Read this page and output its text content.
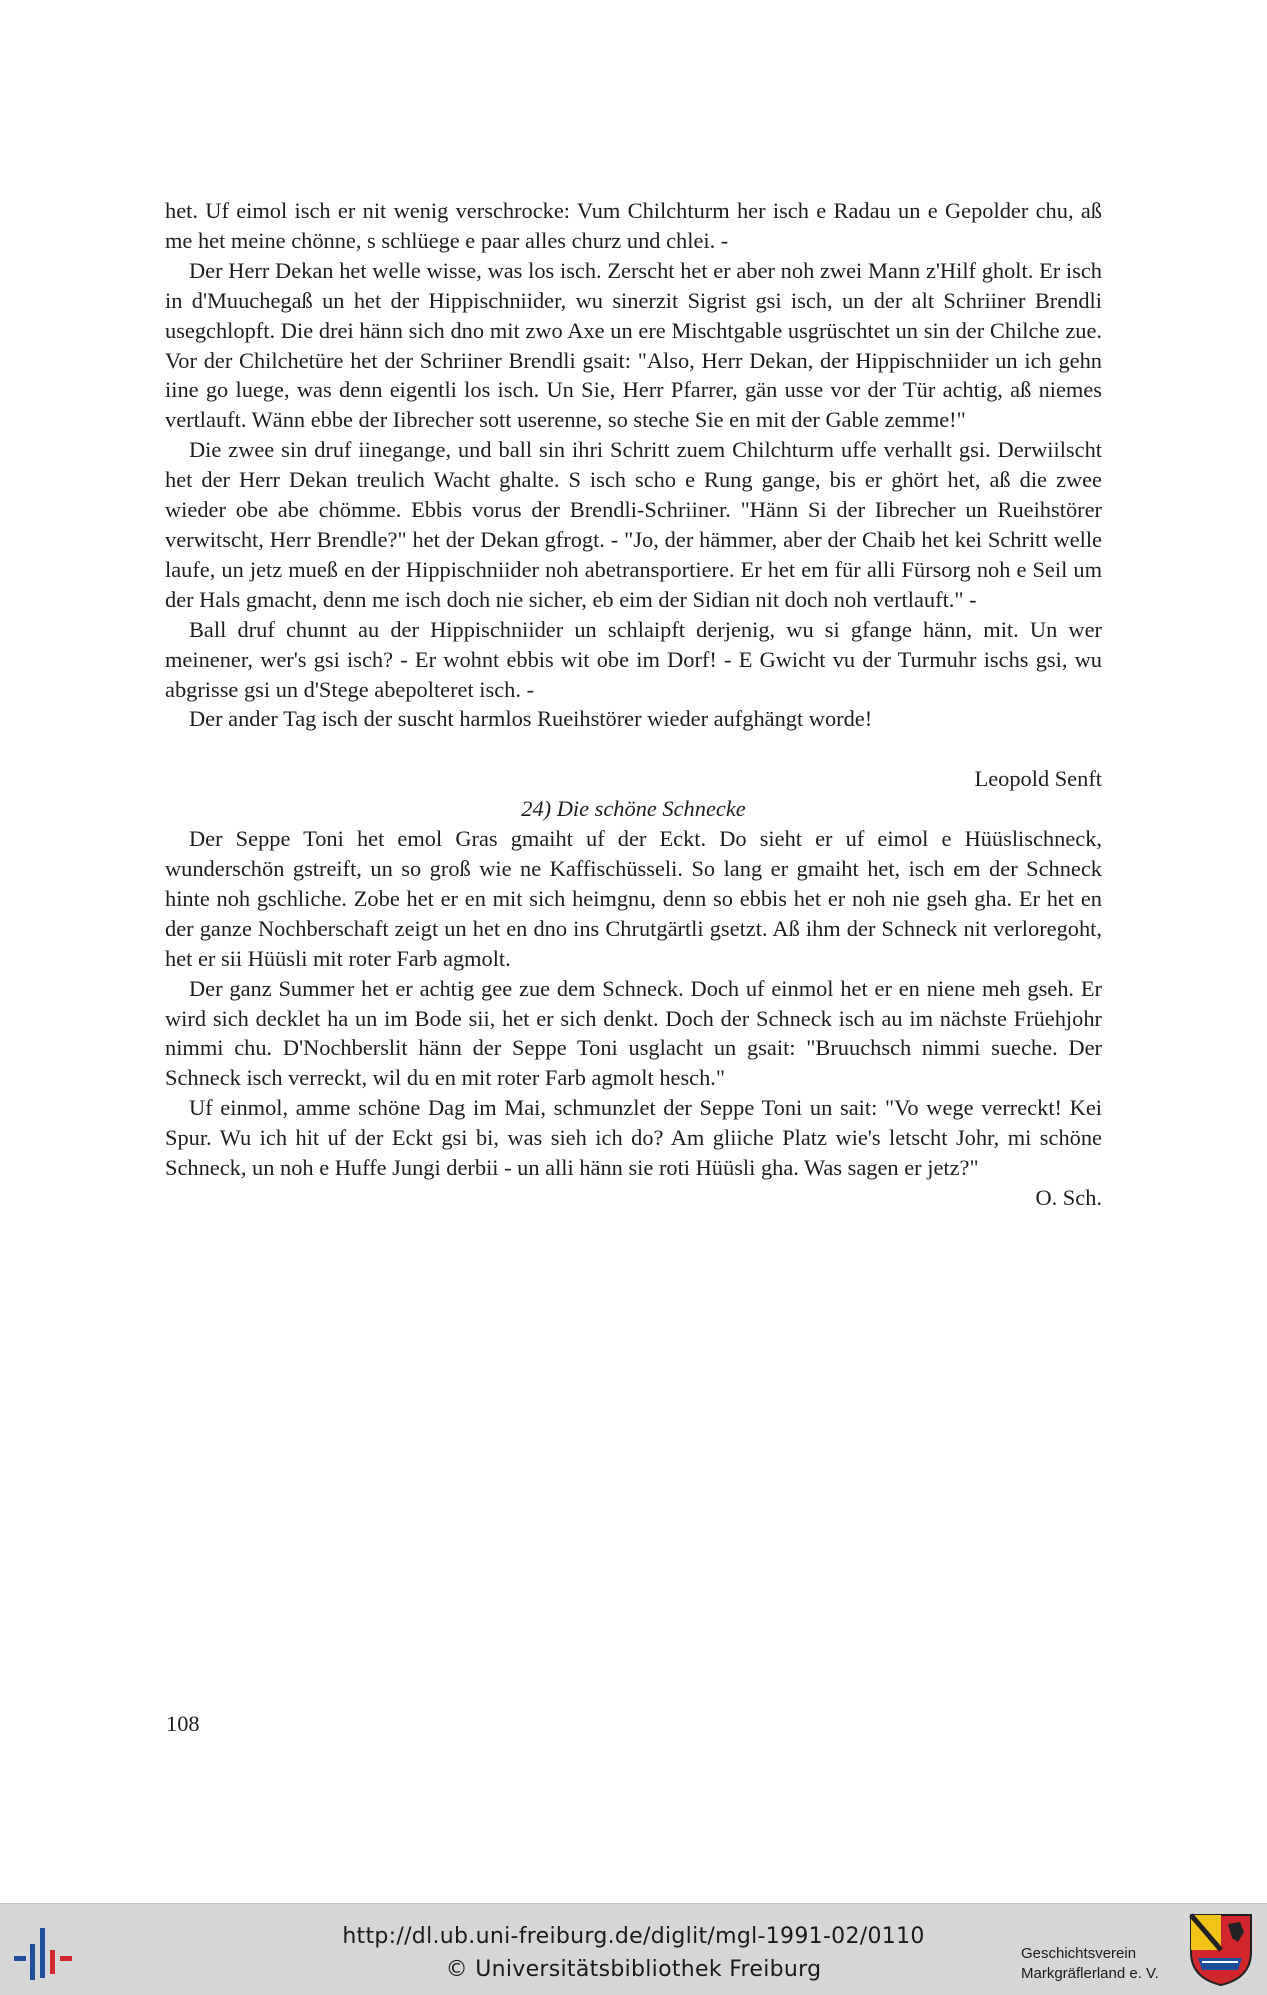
het. Uf eimol isch er nit wenig verschrocke: Vum Chilchturm her isch e Radau un e Gepolder chu, aß me het meine chönne, s schlüege e paar alles churz und chlei. -

Der Herr Dekan het welle wisse, was los isch. Zerscht het er aber noh zwei Mann z'Hilf gholt. Er isch in d'Muuchegaß un het der Hippischniider, wu sinerzit Sigrist gsi isch, un der alt Schriiner Brendli usegchlopft. Die drei hänn sich dno mit zwo Axe un ere Mischtgable usgrüschtet un sin der Chilche zue. Vor der Chilchetüre het der Schriiner Brendli gsait: "Also, Herr Dekan, der Hippischniider un ich gehn iine go luege, was denn eigentli los isch. Un Sie, Herr Pfarrer, gän usse vor der Tür achtig, aß niemes vertlauft. Wänn ebbe der Iibrecher sott userenne, so steche Sie en mit der Gable zemme!"

Die zwee sin druf iinegange, und ball sin ihri Schritt zuem Chilchturm uffe verhallt gsi. Derwiilscht het der Herr Dekan treulich Wacht ghalte. S isch scho e Rung gange, bis er ghört het, aß die zwee wieder obe abe chömme. Ebbis vorus der Brendli-Schriiner. "Hänn Si der Iibrecher un Rueihstörer verwitscht, Herr Brendle?" het der Dekan gfrogt. - "Jo, der hämmer, aber der Chaib het kei Schritt welle laufe, un jetz mueß en der Hippischniider noh abetransportiere. Er het em für alli Fürsorg noh e Seil um der Hals gmacht, denn me isch doch nie sicher, eb eim der Sidian nit doch noh vertlauft." -

Ball druf chunnt au der Hippischniider un schlaipft derjenig, wu si gfange hänn, mit. Un wer meinener, wer's gsi isch? - Er wohnt ebbis wit obe im Dorf! - E Gwicht vu der Turmuhr ischs gsi, wu abgrisse gsi un d'Stege abepolteret isch. -

Der ander Tag isch der suscht harmlos Rueihstörer wieder aufghängt worde!

Leopold Senft

24) Die schöne Schnecke

Der Seppe Toni het emol Gras gmaiht uf der Eckt. Do sieht er uf eimol e Hüüslischneck, wunderschön gstreift, un so groß wie ne Kaffischüsseli. So lang er gmaiht het, isch em der Schneck hinte noh gschliche. Zobe het er en mit sich heimgnu, denn so ebbis het er noh nie gseh gha. Er het en der ganze Nochberschaft zeigt un het en dno ins Chrutgärtli gsetzt. Aß ihm der Schneck nit verloregoht, het er sii Hüüsli mit roter Farb agmolt.

Der ganz Summer het er achtig gee zue dem Schneck. Doch uf einmol het er en niene meh gseh. Er wird sich decklet ha un im Bode sii, het er sich denkt. Doch der Schneck isch au im nächste Früehjohr nimmi chu. D'Nochberslit hänn der Seppe Toni usglacht un gsait: "Bruuchsch nimmi sueche. Der Schneck isch verreckt, wil du en mit roter Farb agmolt hesch."

Uf einmol, amme schöne Dag im Mai, schmunzlet der Seppe Toni un sait: "Vo wege verreckt! Kei Spur. Wu ich hit uf der Eckt gsi bi, was sieh ich do? Am gliiche Platz wie's letscht Johr, mi schöne Schneck, un noh e Huffe Jungi derbii - un alli hänn sie roti Hüüsli gha. Was sagen er jetz?"

O. Sch.

108
http://dl.ub.uni-freiburg.de/diglit/mgl-1991-02/0110
© Universitätsbibliothek Freiburg
Geschichtsverein
Markgräflerland e. V.
